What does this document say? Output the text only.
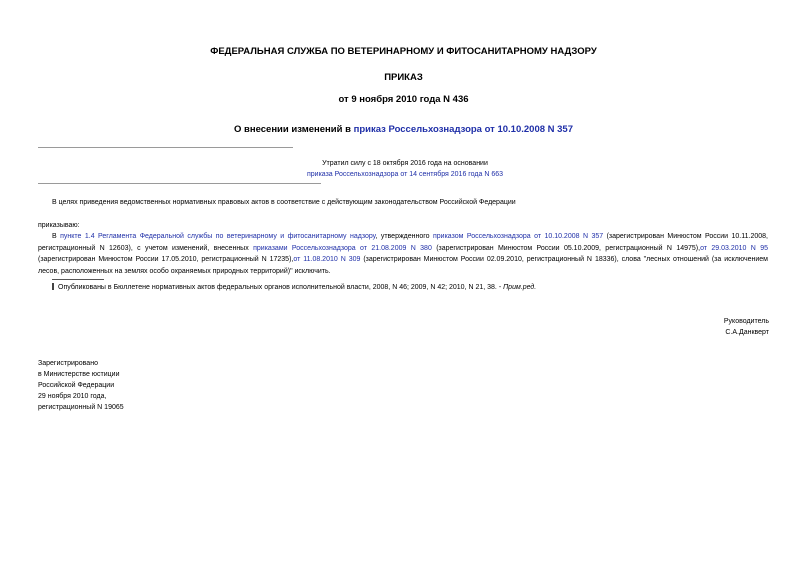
ФЕДЕРАЛЬНАЯ СЛУЖБА ПО ВЕТЕРИНАРНОМУ И ФИТОСАНИТАРНОМУ НАДЗОРУ
ПРИКАЗ
от 9 ноября 2010 года N 436
О внесении изменений в приказ Россельхознадзора от 10.10.2008 N 357
Утратил силу с 18 октября 2016 года на основании
приказа Россельхознадзора от 14 сентября 2016 года N 663
В целях приведения ведомственных нормативных правовых актов в соответствие с действующим законодательством Российской Федерации
приказываю:
В пункте 1.4 Регламента Федеральной службы по ветеринарному и фитосанитарному надзору, утвержденного приказом Россельхознадзора от 10.10.2008 N 357 (зарегистрирован Минюстом России 10.11.2008, регистрационный N 12603), с учетом изменений, внесенных приказами Россельхознадзора от 21.08.2009 N 380 (зарегистрирован Минюстом России 05.10.2009, регистрационный N 14975),от 29.03.2010 N 95 (зарегистрирован Минюстом России 17.05.2010, регистрационный N 17235),от 11.08.2010 N 309 (зарегистрирован Минюстом России 02.09.2010, регистрационный N 18336), слова "лесных отношений (за исключением лесов, расположенных на землях особо охраняемых природных территорий)" исключить.
Опубликованы в Бюллетене нормативных актов федеральных органов исполнительной власти, 2008, N 46; 2009, N 42; 2010, N 21, 38. - Прим.ред.
Руководитель
С.А.Данкверт
Зарегистрировано
в Министерстве юстиции
Российской Федерации
29 ноября 2010 года,
регистрационный N 19065
